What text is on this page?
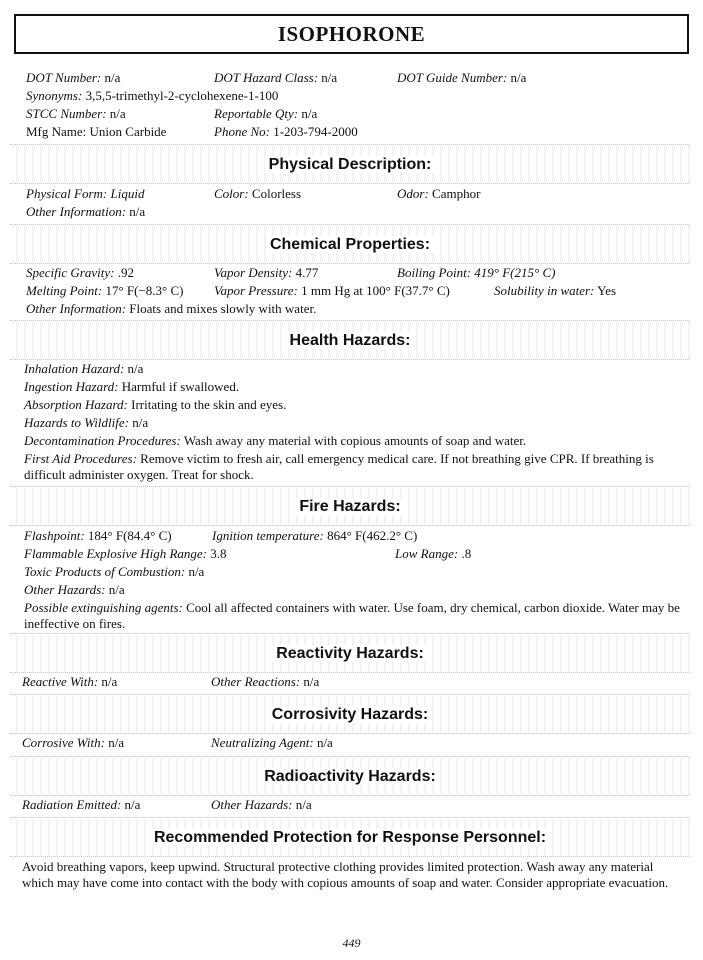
ISOPHORONE
DOT Number: n/a	DOT Hazard Class: n/a	DOT Guide Number: n/a
Synonyms: 3,5,5-trimethyl-2-cyclohexene-1-100
STCC Number: n/a	Reportable Qty: n/a
Mfg Name: Union Carbide	Phone No: 1-203-794-2000
Physical Description:
Physical Form: Liquid	Color: Colorless	Odor: Camphor
Other Information: n/a
Chemical Properties:
Specific Gravity: .92	Vapor Density: 4.77	Boiling Point: 419° F(215° C)
Melting Point: 17° F(−8.3° C) Vapor Pressure: 1 mm Hg at 100° F(37.7° C)	Solubility in water: Yes
Other Information: Floats and mixes slowly with water.
Health Hazards:
Inhalation Hazard: n/a
Ingestion Hazard: Harmful if swallowed.
Absorption Hazard: Irritating to the skin and eyes.
Hazards to Wildlife: n/a
Decontamination Procedures: Wash away any material with copious amounts of soap and water.
First Aid Procedures: Remove victim to fresh air, call emergency medical care. If not breathing give CPR. If breathing is difficult administer oxygen. Treat for shock.
Fire Hazards:
Flashpoint: 184° F(84.4° C)	Ignition temperature: 864° F(462.2° C)
Flammable Explosive High Range: 3.8	Low Range: .8
Toxic Products of Combustion: n/a
Other Hazards: n/a
Possible extinguishing agents: Cool all affected containers with water. Use foam, dry chemical, carbon dioxide. Water may be ineffective on fires.
Reactivity Hazards:
Reactive With: n/a	Other Reactions: n/a
Corrosivity Hazards:
Corrosive With: n/a	Neutralizing Agent: n/a
Radioactivity Hazards:
Radiation Emitted: n/a	Other Hazards: n/a
Recommended Protection for Response Personnel:
Avoid breathing vapors, keep upwind. Structural protective clothing provides limited protection. Wash away any material which may have come into contact with the body with copious amounts of soap and water. Consider appropriate evacuation.
449
